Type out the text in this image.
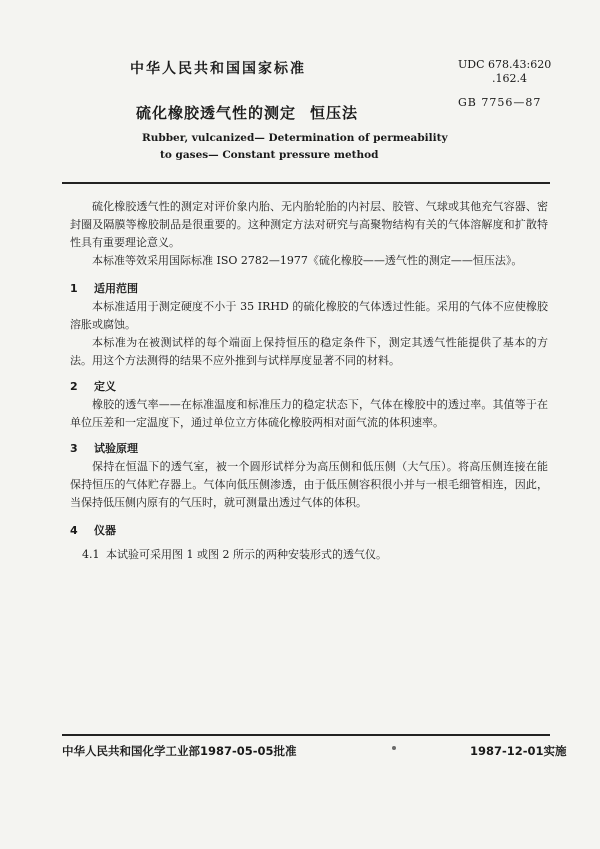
中华人民共和国国家标准	UDC 678.43:620
.162.4
GB 7756—87
硫化橡胶透气性的测定 恒压法
Rubber, vulcanized— Determination of permeability
to gases— Constant pressure method
硫化橡胶透气性的测定对评价象内胎、无内胎轮胎的内衬层、胶管、气球或其他充气容器、密封圈及隔膜等橡胶制品是很重要的。这种测定方法对研究与高聚物结构有关的气体溶解度和扩散特性具有重要理论意义。
本标准等效采用国际标准 ISO 2782—1977《硫化橡胶——透气性的测定——恒压法》。
1 适用范围
本标准适用于测定硬度不小于 35 IRHD 的硫化橡胶的气体透过性能。采用的气体不应使橡胶溶胀或腐蚀。
本标准为在被测试样的每个端面上保持恒压的稳定条件下，测定其透气性能提供了基本的方法。用这个方法测得的结果不应外推到与试样厚度显著不同的材料。
2 定义
橡胶的透气率——在标准温度和标准压力的稳定状态下，气体在橡胶中的透过率。其值等于在单位压差和一定温度下，通过单位立方体硫化橡胶两相对面气流的体积速率。
3 试验原理
保持在恒温下的透气室，被一个圆形试样分为高压侧和低压侧（大气压）。将高压侧连接在能保持恒压的气体贮存器上。气体向低压侧渗透，由于低压侧容积很小并与一根毛细管相连，因此，当保持低压侧内原有的气压时，就可测量出透过气体的体积。
4 仪器
4.1 本试验可采用图 1 或图 2 所示的两种安装形式的透气仪。
中华人民共和国化学工业部1987-05-05批准	1987-12-01实施
